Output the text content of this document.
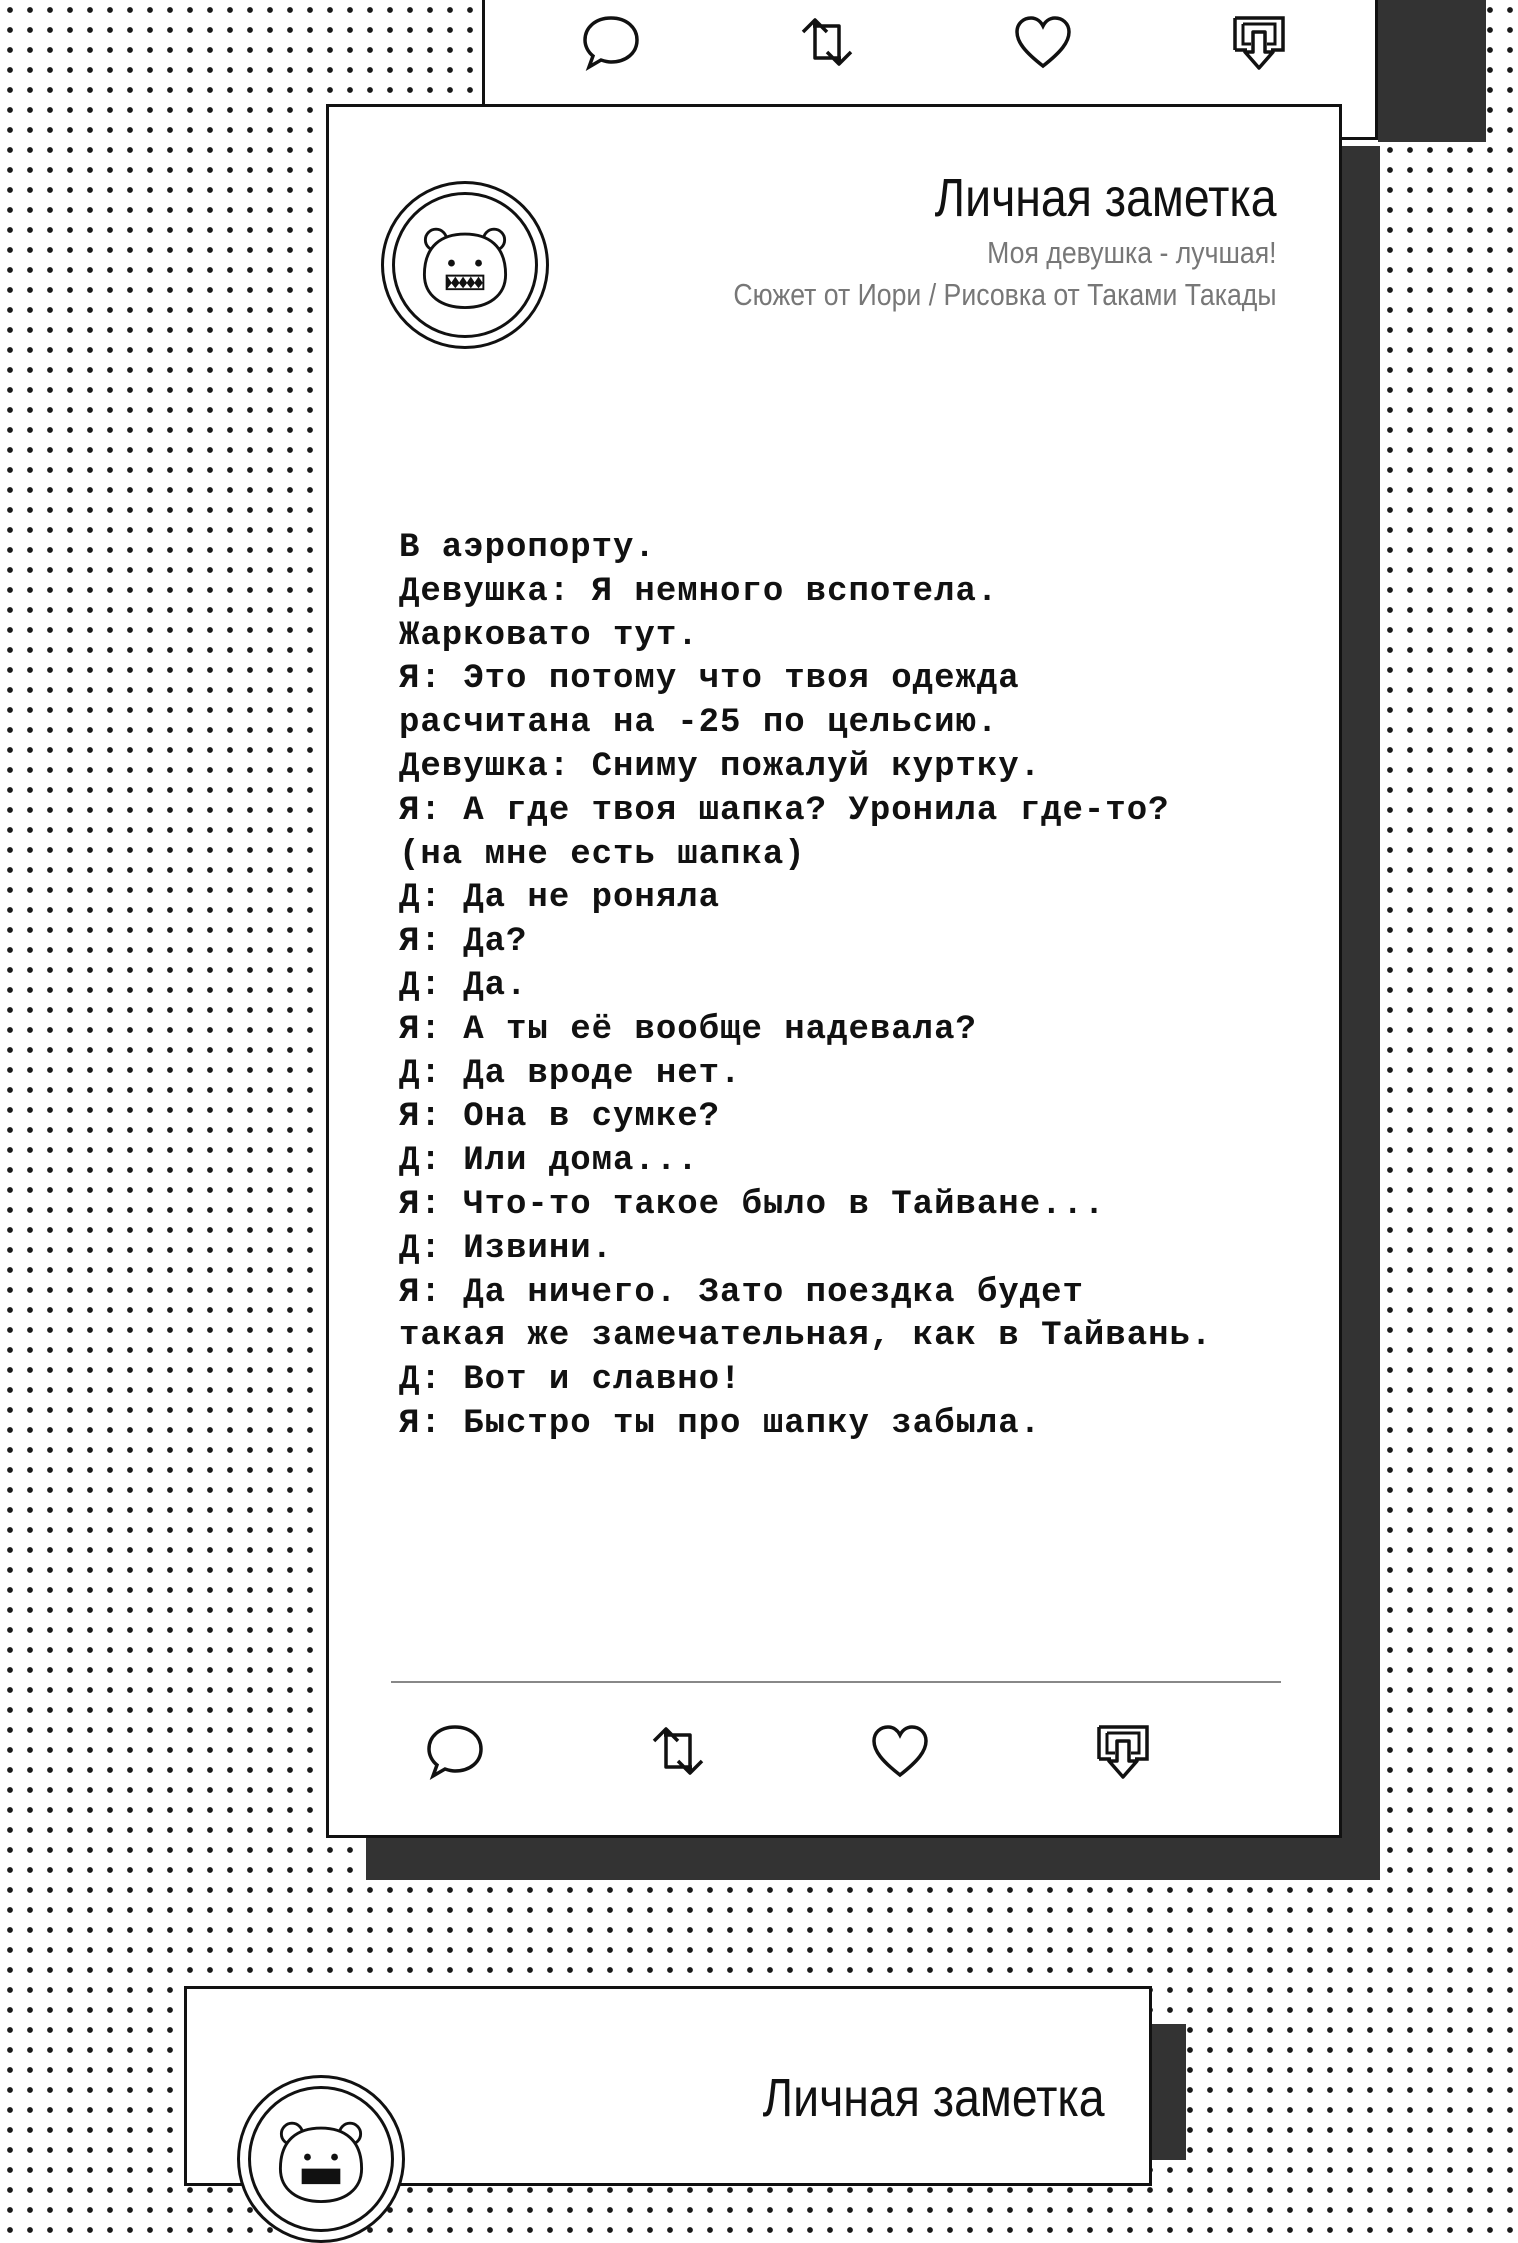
Личная заметка
Моя девушка - лучшая!
Сюжет от Иори / Рисовка от Таками Такады
В аэропорту.
Девушка: Я немного вспотела.
Жарковато тут.
Я: Это потому что твоя одежда
расчитана на -25 по цельсию.
Девушка: Сниму пожалуй куртку.
Я: А где твоя шапка? Уронила где-то?
(на мне есть шапка)
Д: Да не роняла
Я: Да?
Д: Да.
Я: А ты её вообще надевала?
Д: Да вроде нет.
Я: Она в сумке?
Д: Или дома...
Я: Что-то такое было в Тайване...
Д: Извини.
Я: Да ничего. Зато поездка будет
такая же замечательная, как в Тайвань.
Д: Вот и славно!
Я: Быстро ты про шапку забыла.
Личная заметка
